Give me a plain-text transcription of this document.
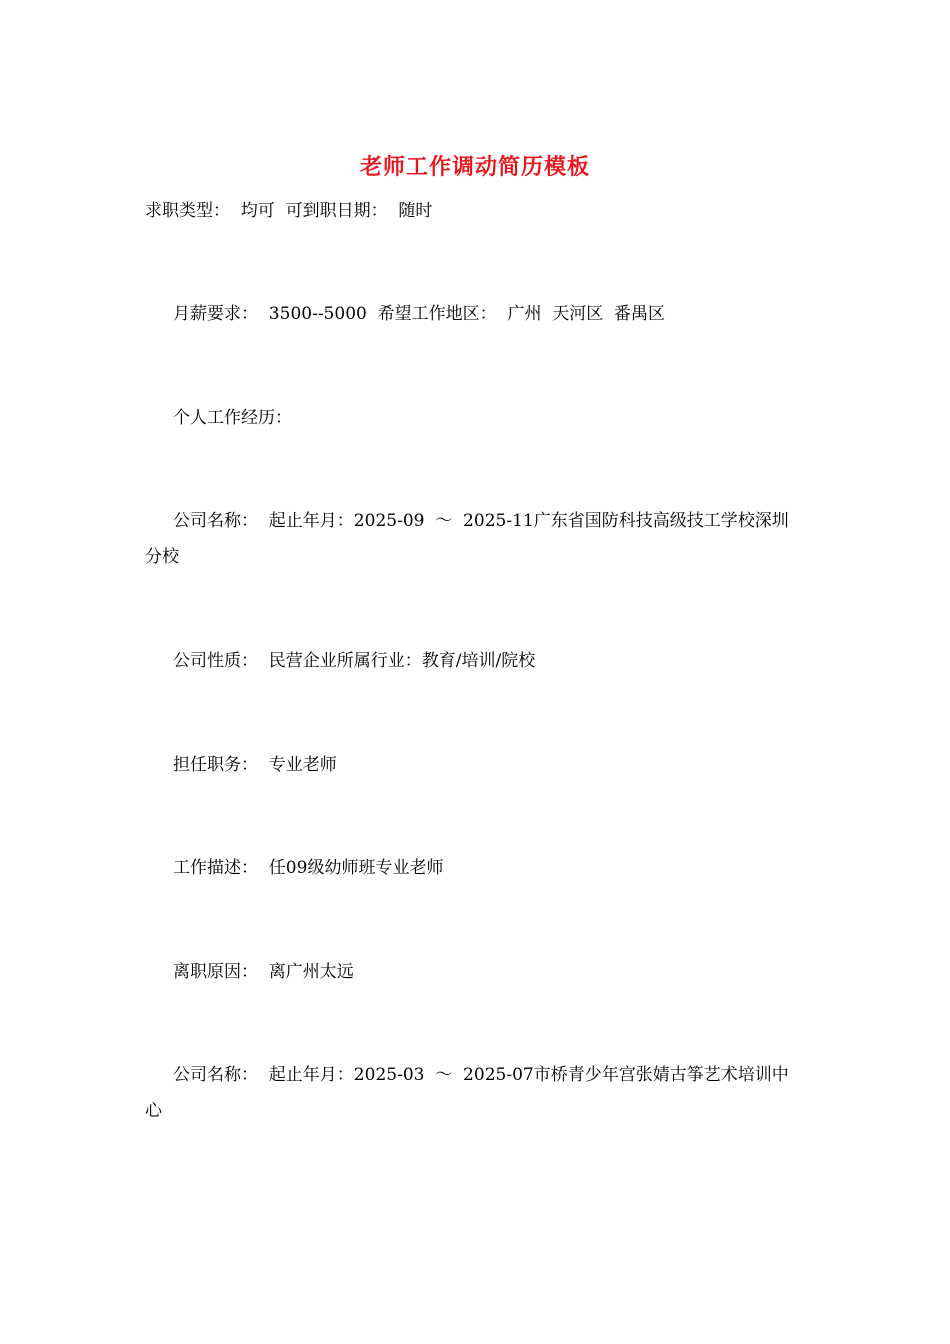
老师工作调动简历模板
求职类型：  均可  可到职日期：  随时
月薪要求：  3500--5000  希望工作地区：  广州  天河区  番禺区
个人工作经历：
公司名称：  起止年月：2025-09  ～  2025-11广东省国防科技高级技工学校深圳分校
公司性质：  民营企业所属行业：教育/培训/院校
担任职务：  专业老师
工作描述：  任09级幼师班专业老师
离职原因：  离广州太远
公司名称：  起止年月：2025-03  ～  2025-07市桥青少年宫张婧古筝艺术培训中心
